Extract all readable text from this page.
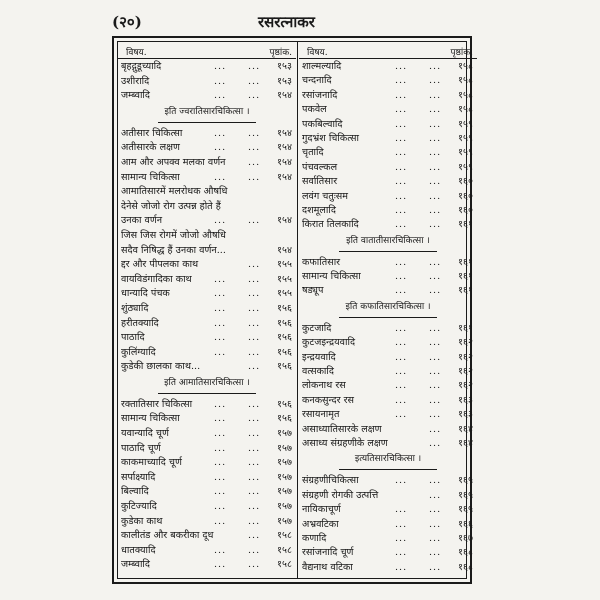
(२०)	रसरत्नाकर
विषय.	पृष्ठांक.
बृहद्गुडूच्यादि	... ... १५३
उशीरादि	... ... १५३
जम्ब्वादि	... ... १५४
इति ज्वरातिसारचिकित्सा ।
अतीसार चिकित्सा	... ... १५४
अतीसारके लक्षण	... ... १५४
आम और अपक्व मलका वर्णन ... १५४
सामान्य चिकित्सा	... ... १५४
आमातिसारमें मलरोधक औषधि
देनेसे जोजो रोग उत्पन्न होते हैं
उनका वर्णन	... ... १५४
जिस जिस रोगमें जोजो औषधि
सदैव निषिद्ध हैं उनका वर्णन...	१५४
द्दर और पीपलका काथ	... १५५
वायविडंगादिका काथ ... ... १५५
धान्यादि पंचक	... ... १५५
शुंठ्यादि	... ... १५६
हरीतक्यादि	... ... १५६
पाठादि	... ... १५६
कुलिंग्यादि	... ... १५६
कुडेकी छालका काथ...	... १५६
इति आमातिसारचिकित्सा ।
रक्तातिसार चिकित्सा ... ... १५६
सामान्य चिकित्सा	... ... १५६
यवान्यादि चूर्ण	... ... १५७
पाठादि चूर्ण	... ... १५७
काकमाच्यादि चूर्ण	... ... १५७
सर्पाक्ष्यादि	... ... १५७
बिल्वादि	... ... १५७
कुटिज्यादि	... ... १५७
कुडेका काथ	... ... १५७
कालीतंड और बकरीका दूध	... १५८
धातक्यादि	... ... १५८
जम्ब्वादि	... ... १५८
विषय.	पृष्ठांक.
शाल्मल्यादि	... ... १५८
चन्दनादि	... ... १५८
रसांजनादि	... ... १५८
पकवेल	... ... १५८
पकबिल्वादि	... ... १५९
गुदभ्रंश चिकित्सा	... ... १५९
चृतादि	... ... १५९
पंचवल्कल	... ... १५९
सर्वातिसार	... ... १६०
लवंग चतुःसम	... ... १६०
दशमूलादि	... ... १६०
किरात तिलकादि	... ... १६१
इति वातातीसारचिकित्सा ।
कफातिसार	... ... १६१
सामान्य चिकित्सा	... ... १६१
षड्यूप	... ... १६१
इति कफातिसारचिकित्सा ।
कुटजादि	... ... १६१
कुटजइन्द्रयवादि	... ... १६२
इन्द्रयवादि	... ... १६२
वत्सकादि	... ... १६२
लोकनाथ रस	... ... १६२
कनकसुन्दर रस	... ... १६३
रसायनामृत	... ... १६३
असाध्यातिसारके लक्षण	... १६४
असाध्य संग्रहणीके लक्षण	... १६४
इत्यतिसारचिकित्सा ।
संग्रहणीचिकित्सा	... ... १६५
संग्रहणी रोगकी उत्पत्ति	... १६५
नायिकाचूर्ण	... ... १६५
अभ्रवटिका	... ... १६६
कणादि	... ... १६७
रसांजनादि चूर्ण	... ... १६८
वैद्यनाथ वटिका	... ... १६८
